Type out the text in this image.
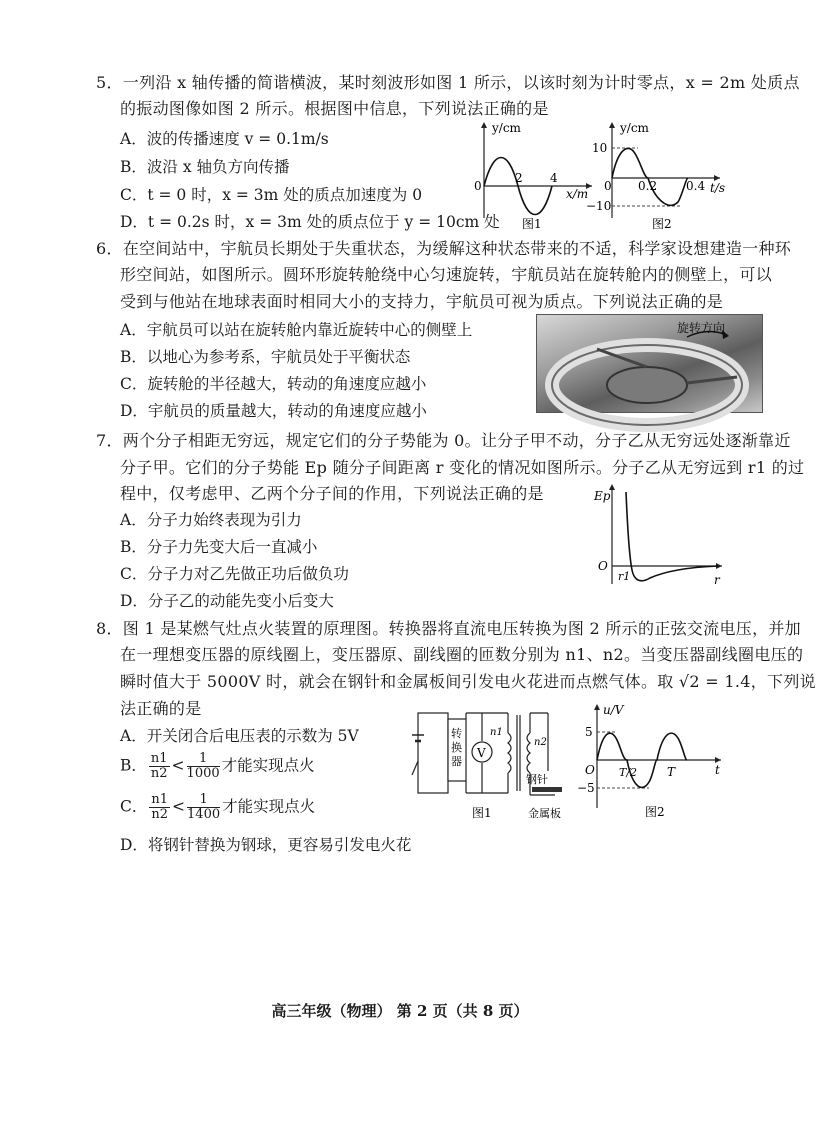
5．一列沿 x 轴传播的简谐横波，某时刻波形如图 1 所示，以该时刻为计时零点，x = 2m 处质点
的振动图像如图 2 所示。根据图中信息，下列说法正确的是
A．波的传播速度 v = 0.1m/s
B．波沿 x 轴负方向传播
C．t = 0 时，x = 3m 处的质点加速度为 0
D．t = 0.2s 时，x = 3m 处的质点位于 y = 10cm 处
y/cm
x/m
0
2 4
图1
y/cm
t/s
10
−10
0 0.2 0.4
图2
6．在空间站中，宇航员长期处于失重状态，为缓解这种状态带来的不适，科学家设想建造一种环
形空间站，如图所示。圆环形旋转舱绕中心匀速旋转，宇航员站在旋转舱内的侧壁上，可以
受到与他站在地球表面时相同大小的支持力，宇航员可视为质点。下列说法正确的是
A．宇航员可以站在旋转舱内靠近旋转中心的侧壁上
B．以地心为参考系，宇航员处于平衡状态
C．旋转舱的半径越大，转动的角速度应越小
D．宇航员的质量越大，转动的角速度应越小
旋转方向
7．两个分子相距无穷远，规定它们的分子势能为 0。让分子甲不动，分子乙从无穷远处逐渐靠近
分子甲。它们的分子势能 Ep 随分子间距离 r 变化的情况如图所示。分子乙从无穷远到 r1 的过
程中，仅考虑甲、乙两个分子间的作用，下列说法正确的是
A．分子力始终表现为引力
B．分子力先变大后一直减小
C．分子力对乙先做正功后做负功
D．分子乙的动能先变小后变大
Ep
r
O
r1
8．图 1 是某燃气灶点火装置的原理图。转换器将直流电压转换为图 2 所示的正弦交流电压，并加
在一理想变压器的原线圈上，变压器原、副线圈的匝数分别为 n1、n2。当变压器副线圈电压的
瞬时值大于 5000V 时，就会在钢针和金属板间引发电火花进而点燃气体。取 √2 = 1.4，下列说
法正确的是
A．开关闭合后电压表的示数为 5V
B． $\frac{n1}{n2} < \frac{1}{1000}$ 才能实现点火
C． $\frac{n1}{n2} < \frac{1}{1400}$ 才能实现点火
D．将钢针替换为钢球，更容易引发电火花
转 换 器
V
n1
n2
钢针
金属板
图1
u/V
t
5
−5
O T/2 T
图2
高三年级（物理） 第 2 页（共 8 页）
